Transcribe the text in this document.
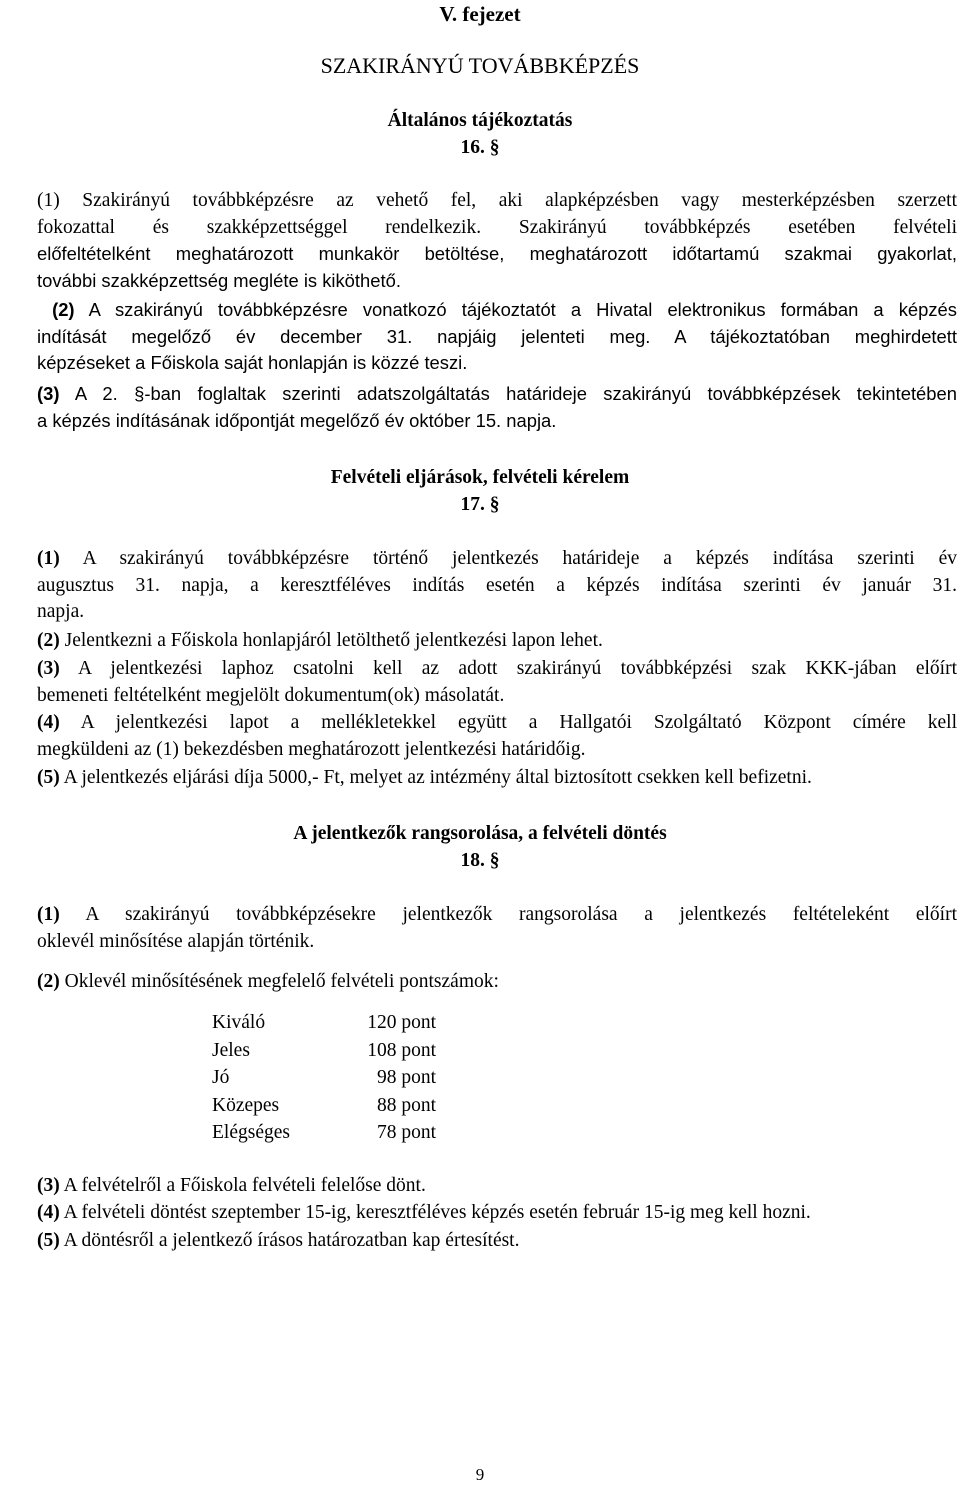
V. fejezet
SZAKIRÁNYÚ TOVÁBBKÉPZÉS
Általános tájékoztatás
16. §
(1) Szakirányú továbbképzésre az vehető fel, aki alapképzésben vagy mesterképzésben szerzett
fokozattal és szakképzettséggel rendelkezik. Szakirányú továbbképzés esetében felvételi
előfeltételként meghatározott munkakör betöltése, meghatározott időtartamú szakmai gyakorlat,
további szakképzettség megléte is kiköthető.
(2) A szakirányú továbbképzésre vonatkozó tájékoztatót a Hivatal elektronikus formában a képzés
indítását megelőző év december 31. napjáig jelenteti meg. A tájékoztatóban meghirdetett
képzéseket a Főiskola saját honlapján is közzé teszi.
(3) A 2. §-ban foglaltak szerinti adatszolgáltatás határideje szakirányú továbbképzések tekintetében
a képzés indításának időpontját megelőző év október 15. napja.
Felvételi eljárások, felvételi kérelem
17. §
(1) A szakirányú továbbképzésre történő jelentkezés határideje a képzés indítása szerinti év
augusztus 31. napja, a keresztféléves indítás esetén a képzés indítása szerinti év január 31.
napja.
(2) Jelentkezni a Főiskola honlapjáról letölthető jelentkezési lapon lehet.
(3) A jelentkezési laphoz csatolni kell az adott szakirányú továbbképzési szak KKK-jában előírt
bemeneti feltételként megjelölt dokumentum(ok) másolatát.
(4) A jelentkezési lapot a mellékletekkel együtt a Hallgatói Szolgáltató Központ címére kell
megküldeni az (1) bekezdésben meghatározott jelentkezési határidőig.
(5) A jelentkezés eljárási díja 5000,- Ft, melyet az intézmény által biztosított csekken kell befizetni.
A jelentkezők rangsorolása, a felvételi döntés
18. §
(1) A szakirányú továbbképzésekre jelentkezők rangsorolása a jelentkezés feltételeként előírt
oklevél minősítése alapján történik.
(2) Oklevél minősítésének megfelelő felvételi pontszámok:
Kiváló	120 pont
Jeles	108 pont
Jó	98 pont
Közepes	88 pont
Elégséges	78 pont
(3) A felvételről a Főiskola felvételi felelőse dönt.
(4) A felvételi döntést szeptember 15-ig, keresztféléves képzés esetén február 15-ig meg kell hozni.
(5) A döntésről a jelentkező írásos határozatban kap értesítést.
9
